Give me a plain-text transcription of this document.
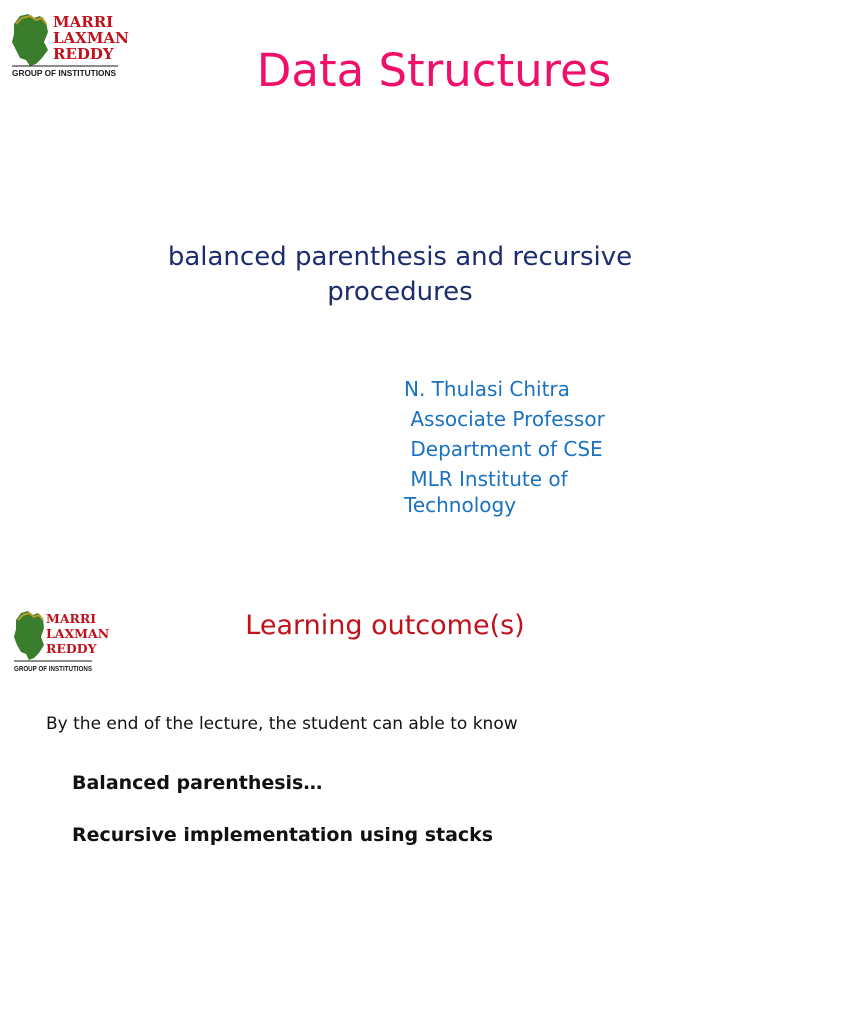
MARRI
LAXMAN
REDDY
GROUP OF INSTITUTIONS	Data Structures
balanced parenthesis and recursive
procedures
N. Thulasi Chitra
Associate Professor
Department of CSE
MLR Institute of
Technology
MARRI
LAXMAN
REDDY
GROUP OF INSTITUTIONS
Learning outcome(s)
By the end of the lecture, the student can able to know
Balanced parenthesis…
Recursive implementation using stacks
